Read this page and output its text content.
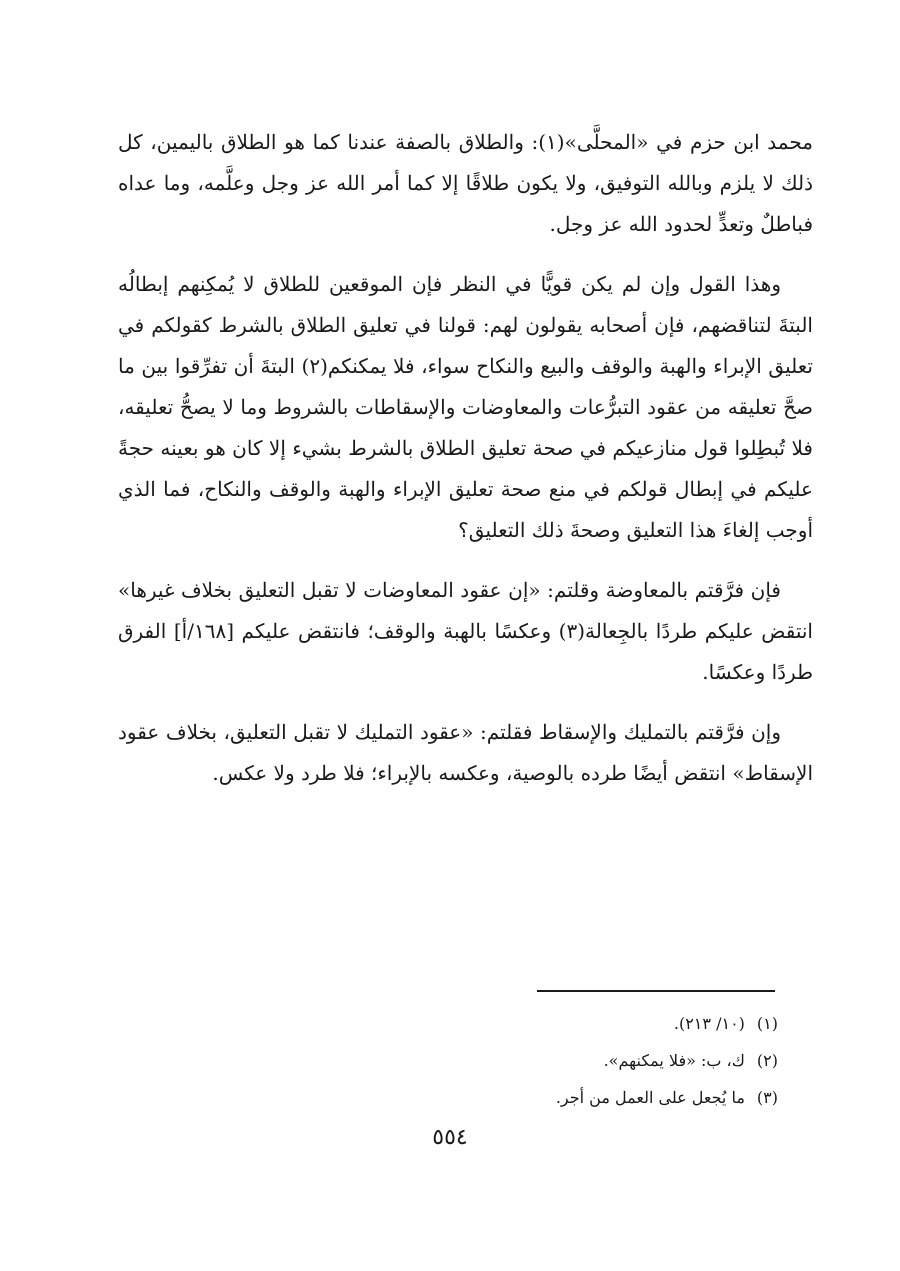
محمد ابن حزم في «المحلَّى»(١): والطلاق بالصفة عندنا كما هو الطلاق باليمين، كل ذلك لا يلزم وبالله التوفيق، ولا يكون طلاقًا إلا كما أمر الله عز وجل وعلَّمه، وما عداه فباطلٌ وتعدٍّ لحدود الله عز وجل.

وهذا القول وإن لم يكن قويًّا في النظر فإن الموقعين للطلاق لا يُمكِنهم إبطالُه البتةَ لتناقضهم، فإن أصحابه يقولون لهم: قولنا في تعليق الطلاق بالشرط كقولكم في تعليق الإبراء والهبة والوقف والبيع والنكاح سواء، فلا يمكنكم(٢) البتةَ أن تفرِّقوا بين ما صحَّ تعليقه من عقود التبرُّعات والمعاوضات والإسقاطات بالشروط وما لا يصحُّ تعليقه، فلا تُبطِلوا قول منازعيكم في صحة تعليق الطلاق بالشرط بشيء إلا كان هو بعينه حجةً عليكم في إبطال قولكم في منع صحة تعليق الإبراء والهبة والوقف والنكاح، فما الذي أوجب إلغاءَ هذا التعليق وصحةَ ذلك التعليق؟

فإن فرَّقتم بالمعاوضة وقلتم: «إن عقود المعاوضات لا تقبل التعليق بخلاف غيرها» انتقض عليكم طردًا بالجِعالة(٣) وعكسًا بالهبة والوقف؛ فانتقض عليكم [١٦٨/أ] الفرق طردًا وعكسًا.

وإن فرَّقتم بالتمليك والإسقاط فقلتم: «عقود التمليك لا تقبل التعليق، بخلاف عقود الإسقاط» انتقض أيضًا طرده بالوصية، وعكسه بالإبراء؛ فلا طرد ولا عكس.

(١)(١٠/ ٢١٣).
(٢)ك، ب: «فلا يمكنهم».
(٣)ما يُجعل على العمل من أجر.
٥٥٤
